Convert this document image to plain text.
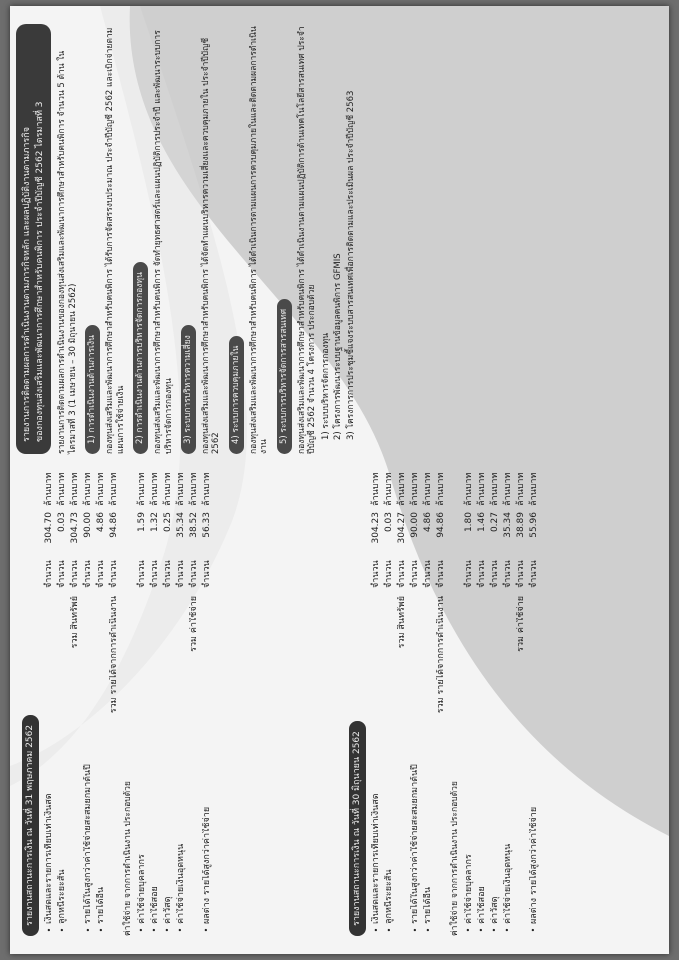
รายงานสถานะการเงิน ณ วันที่ 31 พฤษภาคม 2562
•
เงินสดและรายการเทียบเท่าเงินสด
จำนวน
304.70
ล้านบาท
•
ลูกหนี้ระยะสั้น
จำนวน
0.03
ล้านบาท
รวม สินทรัพย์
จำนวน
304.73
ล้านบาท
•
รายได้ในสูงกว่าค่าใช้จ่ายสะสมยกมาต้นปี
จำนวน
90.00
ล้านบาท
•
รายได้อื่น
จำนวน
4.86
ล้านบาท
รวม รายได้จากการดำเนินงาน
จำนวน
94.86
ล้านบาท
ค่าใช้จ่าย จากการดำเนินงาน ประกอบด้วย •
ค่าใช้จ่ายบุคลากร
จำนวน
1.59
ล้านบาท
•
ค่าใช้สอย
จำนวน
1.32
ล้านบาท
•
ค่าวัสดุ
จำนวน
0.25
ล้านบาท
•
ค่าใช้จ่ายเงินอุดหนุน
จำนวน
35.34
ล้านบาท
รวม ค่าใช้จ่าย
จำนวน
38.52
ล้านบาท
•
ผลต่าง รายได้สูงกว่าค่าใช้จ่าย
จำนวน
56.33
ล้านบาท
รายงานสถานะการเงิน ณ วันที่ 30 มิถุนายน 2562
•
เงินสดและรายการเทียบเท่าเงินสด
จำนวน
304.23
ล้านบาท
•
ลูกหนี้ระยะสั้น
จำนวน
0.03
ล้านบาท
รวม สินทรัพย์
จำนวน
304.27
ล้านบาท
•
รายได้ในสูงกว่าค่าใช้จ่ายสะสมยกมาต้นปี
จำนวน
90.00
ล้านบาท
•
รายได้อื่น
จำนวน
4.86
ล้านบาท
รวม รายได้จากการดำเนินงาน
จำนวน
94.86
ล้านบาท
ค่าใช้จ่าย จากการดำเนินงาน ประกอบด้วย •
ค่าใช้จ่ายบุคลากร
จำนวน
1.80
ล้านบาท
•
ค่าใช้สอย
จำนวน
1.46
ล้านบาท
•
ค่าวัสดุ
จำนวน
0.27
ล้านบาท
•
ค่าใช้จ่ายเงินอุดหนุน
จำนวน
35.34
ล้านบาท
รวม ค่าใช้จ่าย
จำนวน
38.89
ล้านบาท
•
ผลต่าง รายได้สูงกว่าค่าใช้จ่าย
จำนวน
55.96
ล้านบาท
รายงานการติดตามผลการดำเนินงานตามภารกิจหลัก และผลปฏิบัติงานตามภารกิจ ของกองทุนส่งเสริมและพัฒนาการศึกษาสำหรับคนพิการ ประจำปีบัญชี 2562 ไตรมาสที่ 3 รายงานการติดตามผลการดำเนินงานของกองทุนส่งเสริมและพัฒนาการศึกษาสำหรับคนพิการ จำนวน 5 ด้าน ในไตรมาสที่ 3 (1 เมษายน – 30 มิถุนายน 2562)	1) การดำเนินงานด้านการเงิน กองทุนส่งเสริมและพัฒนาการศึกษาสำหรับคนพิการ ได้รับการจัดสรรงบประมาณ ประจำปีบัญชี 2562 และเบิกจ่ายตามแผนการใช้จ่ายเงิน 2) การดำเนินงานด้านการบริหารจัดการกองทุน กองทุนส่งเสริมและพัฒนาการศึกษาสำหรับคนพิการ จัดทำยุทธศาสตร์และแผนปฏิบัติการประจำปี และพัฒนาระบบการบริหารจัดการกองทุน 3) ระบบการบริหารความเสี่ยง กองทุนส่งเสริมและพัฒนาการศึกษาสำหรับคนพิการ ได้จัดทำแผนบริหารความเสี่ยงและควบคุมภายใน ประจำปีบัญชี 2562 4) ระบบการควบคุมภายใน กองทุนส่งเสริมและพัฒนาการศึกษาสำหรับคนพิการ ได้ดำเนินการตามแผนการควบคุมภายในและติดตามผลการดำเนินงาน
5) ระบบการบริหารจัดการสารสนเทศ กองทุนส่งเสริมและพัฒนาการศึกษาสำหรับคนพิการ ได้ดำเนินงานตามแผนปฏิบัติการด้านเทคโนโลยีสารสนเทศ ประจำปีบัญชี 2562 จำนวน 4 โครงการ ประกอบด้วย 1) ระบบบริหารจัดการกองทุน 2) โครงการพัฒนาระบบฐานข้อมูลคนพิการ GFMIS 3) โครงการการประชุมชี้แจงระบบสารสนเทศเพื่อการติดตามและประเมินผล ประจำปีบัญชี 2563
